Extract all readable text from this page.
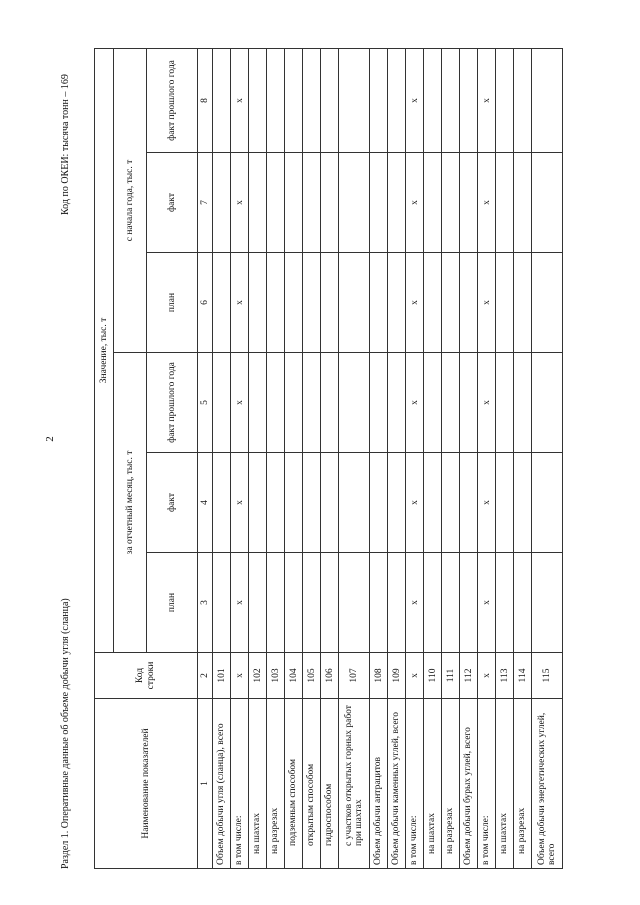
2
Раздел 1. Оперативные данные об объеме добычи угля (сланца)
Код по ОКЕИ: тысяча тонн – 169
Наименование показателей	Код строки	Значение, тыс. т					
		за отчетный месяц, тыс. т			с начала года, тыс. т		
		план	факт	факт прошлого года	план	факт	факт прошлого года
1	2	3	4	5	6	7	8
Объем добычи угля (сланца), всего	101						
в том числе:	х	х	х	х	х	х	х
на шахтах	102						
на разрезах	103						
подземным способом	104						
открытым способом	105						
гидроспособом	106						
с участков открытых горных работ при шахтах	107						
Объем добычи антрацитов	108						
Объем добычи каменных углей, всего	109						
в том числе:	х	х	х	х	х	х	х
на шахтах	110						
на разрезах	111						
Объем добычи бурых углей, всего	112						
в том числе:	х	х	х	х	х	х	х
на шахтах	113						
на разрезах	114						
Объем добычи энергетических углей, всего	115						
